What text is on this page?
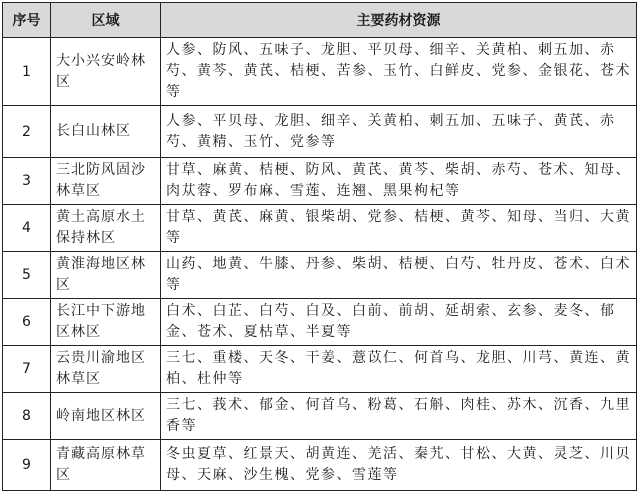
序号	区域	主要药材资源
1	大小兴安岭林区	人参、防风、五味子、龙胆、平贝母、细辛、关黄柏、刺五加、赤芍、黄芩、黄芪、桔梗、苦参、玉竹、白鲜皮、党参、金银花、苍术等
2	长白山林区	人参、平贝母、龙胆、细辛、关黄柏、刺五加、五味子、黄芪、赤芍、黄精、玉竹、党参等
3	三北防风固沙林草区	甘草、麻黄、桔梗、防风、黄芪、黄芩、柴胡、赤芍、苍术、知母、肉苁蓉、罗布麻、雪莲、连翘、黑果枸杞等
4	黄土高原水土保持林区	甘草、黄芪、麻黄、银柴胡、党参、桔梗、黄芩、知母、当归、大黄等
5	黄淮海地区林区	山药、地黄、牛膝、丹参、柴胡、桔梗、白芍、牡丹皮、苍术、白术等
6	长江中下游地区林区	白术、白芷、白芍、白及、白前、前胡、延胡索、玄参、麦冬、郁金、苍术、夏枯草、半夏等
7	云贵川渝地区林草区	三七、重楼、天冬、干姜、薏苡仁、何首乌、龙胆、川芎、黄连、黄柏、杜仲等
8	岭南地区林区	三七、莪术、郁金、何首乌、粉葛、石斛、肉桂、苏木、沉香、九里香等
9	青藏高原林草区	冬虫夏草、红景天、胡黄连、羌活、秦艽、甘松、大黄、灵芝、川贝母、天麻、沙生槐、党参、雪莲等
